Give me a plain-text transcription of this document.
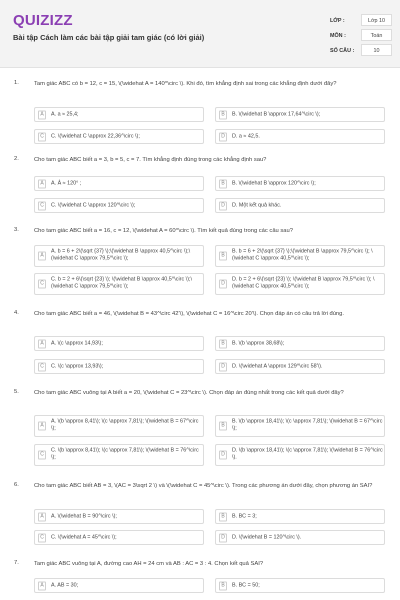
QUIZIZZ
Bài tập Cách làm các bài tập giải tam giác (có lời giải)
LỚP :	Lớp 10
MÔN :	Toán
SỐ CÂU :	10
1.	Tam giác ABC có b = 12, c = 15, \(\widehat A = 140^\circ \). Khi đó, tìm khẳng định sai trong các khẳng định dưới đây?
A	A. a ≈ 25,4;	B	B. \(\widehat B \approx 17,64^\circ \);
C	C. \(\widehat C \approx 22,36^\circ \);	D	D. a ≈ 42,5.
2.	Cho tam giác ABC biết a = 3, b = 5, c = 7. Tìm khẳng định đúng trong các khẳng định sau?
A	A. Â ≈ 120° ;	B	B. \(\widehat B \approx 120^\circ \);
C	C. \(\widehat C \approx 120^\circ \);	D	D. Một kết quả khác.
3.	Cho tam giác ABC biết a = 16, c = 12, \(\widehat A = 60^\circ \). Tìm kết quả đúng trong các câu sau?
A
A. b = 6 + 2\(\sqrt {37} \);\(\widehat B \approx 40,5^\circ \);\(\widehat C \approx 79,5^\circ \);
B
B. b = 6 + 2\(\sqrt {37} \);\(\widehat B \approx 79,5^\circ \); \(\widehat C \approx 40,5^\circ \);
C
C. b = 2 + 6\(\sqrt {23} \); \(\widehat B \approx 40,5^\circ \);\(\widehat C \approx 79,5^\circ \);
D
D. b = 2 + 6\(\sqrt {23} \); \(\widehat B \approx 79,5^\circ \); \(\widehat C \approx 40,5^\circ \);
4.	Cho tam giác ABC biết a = 46, \(\widehat B = 43^\circ 42'\), \(\widehat C = 16^\circ 20'\). Chọn đáp án có câu trả lời đúng.
A	A. \(c \approx 14,93\);	B	B. \(b \approx 38,68\);
C	C. \(c \approx 13,93\);	D	D. \(\widehat A \approx 129^\circ 58'\).
5.	Cho tam giác ABC vuông tại A biết a = 20, \(\widehat C = 23^\circ \). Chọn đáp án đúng nhất trong các kết quả dưới đây?
A
A. \(b \approx 8,41\); \(c \approx 7,81\); \(\widehat B = 67^\circ \);
B
B. \(b \approx 18,41\); \(c \approx 7,81\); \(\widehat B = 67^\circ \);
C
C. \(b \approx 8,41\); \(c \approx 7,81\); \(\widehat B = 76^\circ \);
D
D. \(b \approx 18,41\); \(c \approx 7,81\); \(\widehat B = 76^\circ \).
6.	Cho tam giác ABC biết AB = 3, \(AC = 3\sqrt 2 \) và \(\widehat C = 45^\circ \). Trong các phương án dưới đây, chọn phương án SAI?
A	A. \(\widehat B = 90^\circ \);	B	B. BC = 3;
C	C. \(\widehat A = 45^\circ \);	D	D. \(\widehat B = 120^\circ \).
7.	Tam giác ABC vuông tại A, đường cao AH = 24 cm và AB : AC = 3 : 4. Chọn kết quả SAI?
A	A. AB = 30;	B	B. BC = 50;
